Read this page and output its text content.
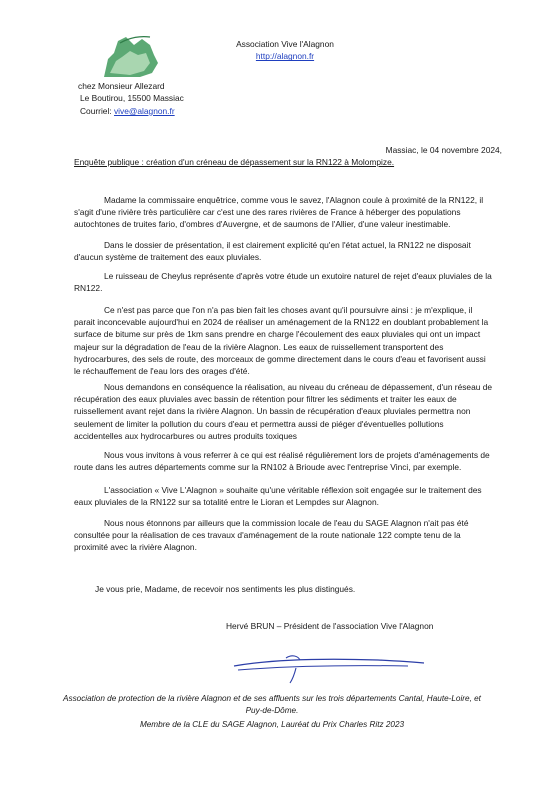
Association Vive l'Alagnon
http://alagnon.fr
chez Monsieur Allezard
Le Boutirou, 15500 Massiac
Courriel: vive@alagnon.fr
Massiac, le 04 novembre 2024,
Enquête publique : création d'un créneau de dépassement sur la RN122 à Molompize.
Madame la commissaire enquêtrice, comme vous le savez, l'Alagnon coule à proximité de la RN122, il s'agit d'une rivière très particulière car c'est une des rares rivières de France à héberger des populations autochtones de truites fario, d'ombres d'Auvergne, et de saumons de l'Allier, d'une valeur inestimable.
Dans le dossier de présentation, il est clairement explicité qu'en l'état actuel, la RN122 ne disposait d'aucun système de traitement des eaux pluviales.
Le ruisseau de Cheylus représente d'après votre étude un exutoire naturel de rejet d'eaux pluviales de la RN122.
Ce n'est pas parce que l'on n'a pas bien fait les choses avant qu'il poursuivre ainsi : je m'explique, il parait inconcevable aujourd'hui en 2024 de réaliser un aménagement de la RN122 en doublant probablement la surface de bitume sur près de 1km sans prendre en charge l'écoulement des eaux pluviales qui ont un impact majeur sur la dégradation de l'eau de la rivière Alagnon. Les eaux de ruissellement transportent des hydrocarbures, des sels de route, des morceaux de gomme directement dans le cours d'eau et favorisent aussi le réchauffement de l'eau lors des orages d'été.
Nous demandons en conséquence la réalisation, au niveau du créneau de dépassement, d'un réseau de récupération des eaux pluviales avec bassin de rétention pour filtrer les sédiments et traiter les eaux de ruissellement avant rejet dans la rivière Alagnon. Un bassin de récupération d'eaux pluviales permettra non seulement de limiter la pollution du cours d'eau et permettra aussi de piéger d'éventuelles pollutions accidentelles aux hydrocarbures ou autres produits toxiques
Nous vous invitons à vous referrer à ce qui est réalisé régulièrement lors de projets d'aménagements de route dans les autres départements comme sur la RN102 à Brioude avec l'entreprise Vinci, par exemple.
L'association « Vive L'Alagnon » souhaite qu'une véritable réflexion soit engagée sur le traitement des eaux pluviales de la RN122 sur sa totalité entre le Lioran et Lempdes sur Alagnon.
Nous nous étonnons par ailleurs que la commission locale de l'eau du SAGE Alagnon n'ait pas été consultée pour la réalisation de ces travaux d'aménagement de la route nationale 122 compte tenu de la proximité avec la rivière Alagnon.
Je vous prie, Madame, de recevoir nos sentiments les plus distingués.
Hervé BRUN – Président de l'association Vive l'Alagnon
Association de protection de la rivière Alagnon et de ses affluents sur les trois départements Cantal, Haute-Loire, et Puy-de-Dôme.
Membre de la CLE du SAGE Alagnon, Lauréat du Prix Charles Ritz 2023
